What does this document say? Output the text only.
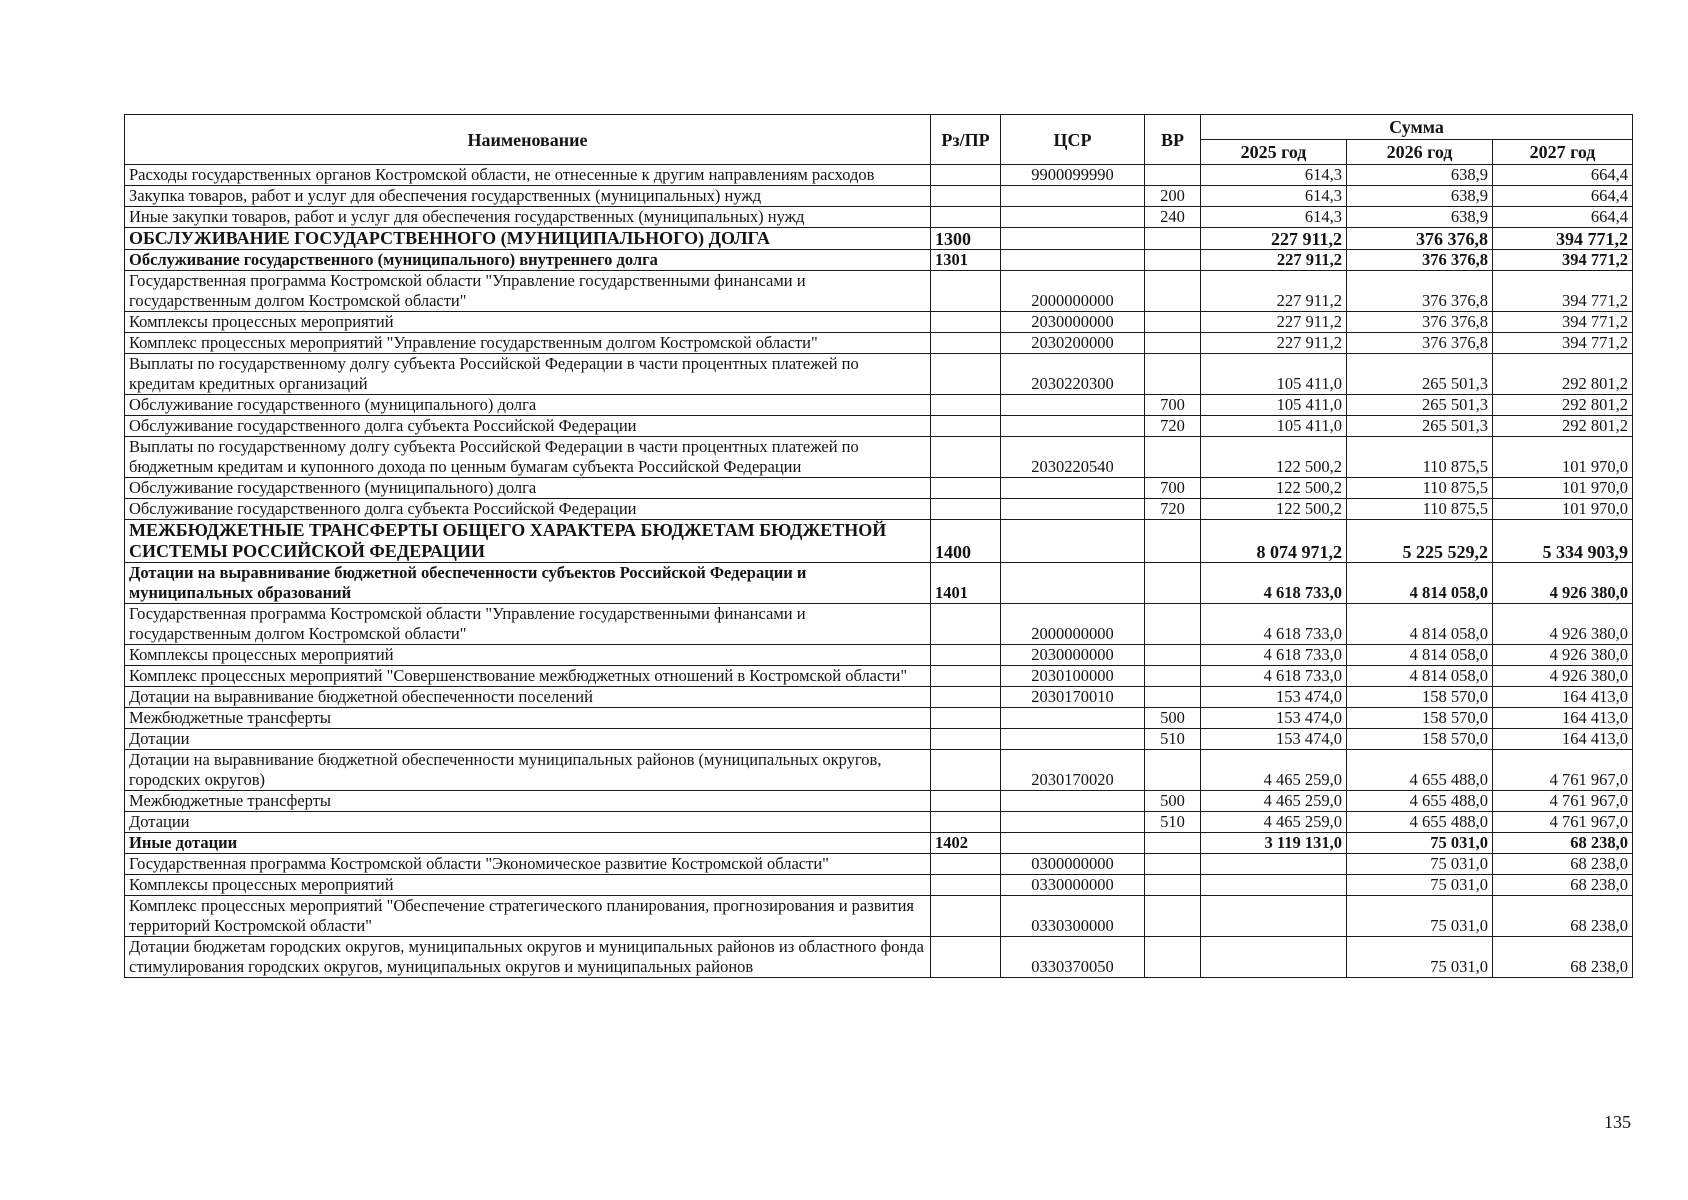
Наименование	Рз/ПР	ЦСР	ВР	Сумма		
				2025 год	2026 год	2027 год
Расходы государственных органов Костромской области, не отнесенные к другим направлениям расходов		9900099990		614,3	638,9	664,4
Закупка товаров, работ и услуг для обеспечения государственных (муниципальных) нужд			200	614,3	638,9	664,4
Иные закупки товаров, работ и услуг для обеспечения государственных (муниципальных) нужд			240	614,3	638,9	664,4
ОБСЛУЖИВАНИЕ ГОСУДАРСТВЕННОГО (МУНИЦИПАЛЬНОГО) ДОЛГА	1300			227 911,2	376 376,8	394 771,2
Обслуживание государственного (муниципального) внутреннего долга	1301			227 911,2	376 376,8	394 771,2
Государственная программа Костромской области "Управление государственными финансами и государственным долгом Костромской области"		2000000000		227 911,2	376 376,8	394 771,2
Комплексы процессных мероприятий		2030000000		227 911,2	376 376,8	394 771,2
Комплекс процессных мероприятий "Управление государственным долгом Костромской области"		2030200000		227 911,2	376 376,8	394 771,2
Выплаты по государственному долгу субъекта Российской Федерации в части процентных платежей по кредитам кредитных организаций		2030220300		105 411,0	265 501,3	292 801,2
Обслуживание государственного (муниципального) долга			700	105 411,0	265 501,3	292 801,2
Обслуживание государственного долга субъекта Российской Федерации			720	105 411,0	265 501,3	292 801,2
Выплаты по государственному долгу субъекта Российской Федерации в части процентных платежей по бюджетным кредитам и купонного дохода по ценным бумагам субъекта Российской Федерации		2030220540		122 500,2	110 875,5	101 970,0
Обслуживание государственного (муниципального) долга			700	122 500,2	110 875,5	101 970,0
Обслуживание государственного долга субъекта Российской Федерации			720	122 500,2	110 875,5	101 970,0
МЕЖБЮДЖЕТНЫЕ ТРАНСФЕРТЫ ОБЩЕГО ХАРАКТЕРА БЮДЖЕТАМ БЮДЖЕТНОЙ СИСТЕМЫ РОССИЙСКОЙ ФЕДЕРАЦИИ	1400			8 074 971,2	5 225 529,2	5 334 903,9
Дотации на выравнивание бюджетной обеспеченности субъектов Российской Федерации и муниципальных образований	1401			4 618 733,0	4 814 058,0	4 926 380,0
Государственная программа Костромской области "Управление государственными финансами и государственным долгом Костромской области"		2000000000		4 618 733,0	4 814 058,0	4 926 380,0
Комплексы процессных мероприятий		2030000000		4 618 733,0	4 814 058,0	4 926 380,0
Комплекс процессных мероприятий "Совершенствование межбюджетных отношений в Костромской области"		2030100000		4 618 733,0	4 814 058,0	4 926 380,0
Дотации на выравнивание бюджетной обеспеченности поселений		2030170010		153 474,0	158 570,0	164 413,0
Межбюджетные трансферты			500	153 474,0	158 570,0	164 413,0
Дотации			510	153 474,0	158 570,0	164 413,0
Дотации на выравнивание бюджетной обеспеченности муниципальных районов (муниципальных округов, городских округов)		2030170020		4 465 259,0	4 655 488,0	4 761 967,0
Межбюджетные трансферты			500	4 465 259,0	4 655 488,0	4 761 967,0
Дотации			510	4 465 259,0	4 655 488,0	4 761 967,0
Иные дотации	1402			3 119 131,0	75 031,0	68 238,0
Государственная программа Костромской области "Экономическое развитие Костромской области"		0300000000			75 031,0	68 238,0
Комплексы процессных мероприятий		0330000000			75 031,0	68 238,0
Комплекс процессных мероприятий "Обеспечение стратегического планирования, прогнозирования и развития территорий Костромской области"		0330300000			75 031,0	68 238,0
Дотации бюджетам городских округов, муниципальных округов и муниципальных районов из областного фонда стимулирования городских округов, муниципальных округов и муниципальных районов		0330370050			75 031,0	68 238,0
135
